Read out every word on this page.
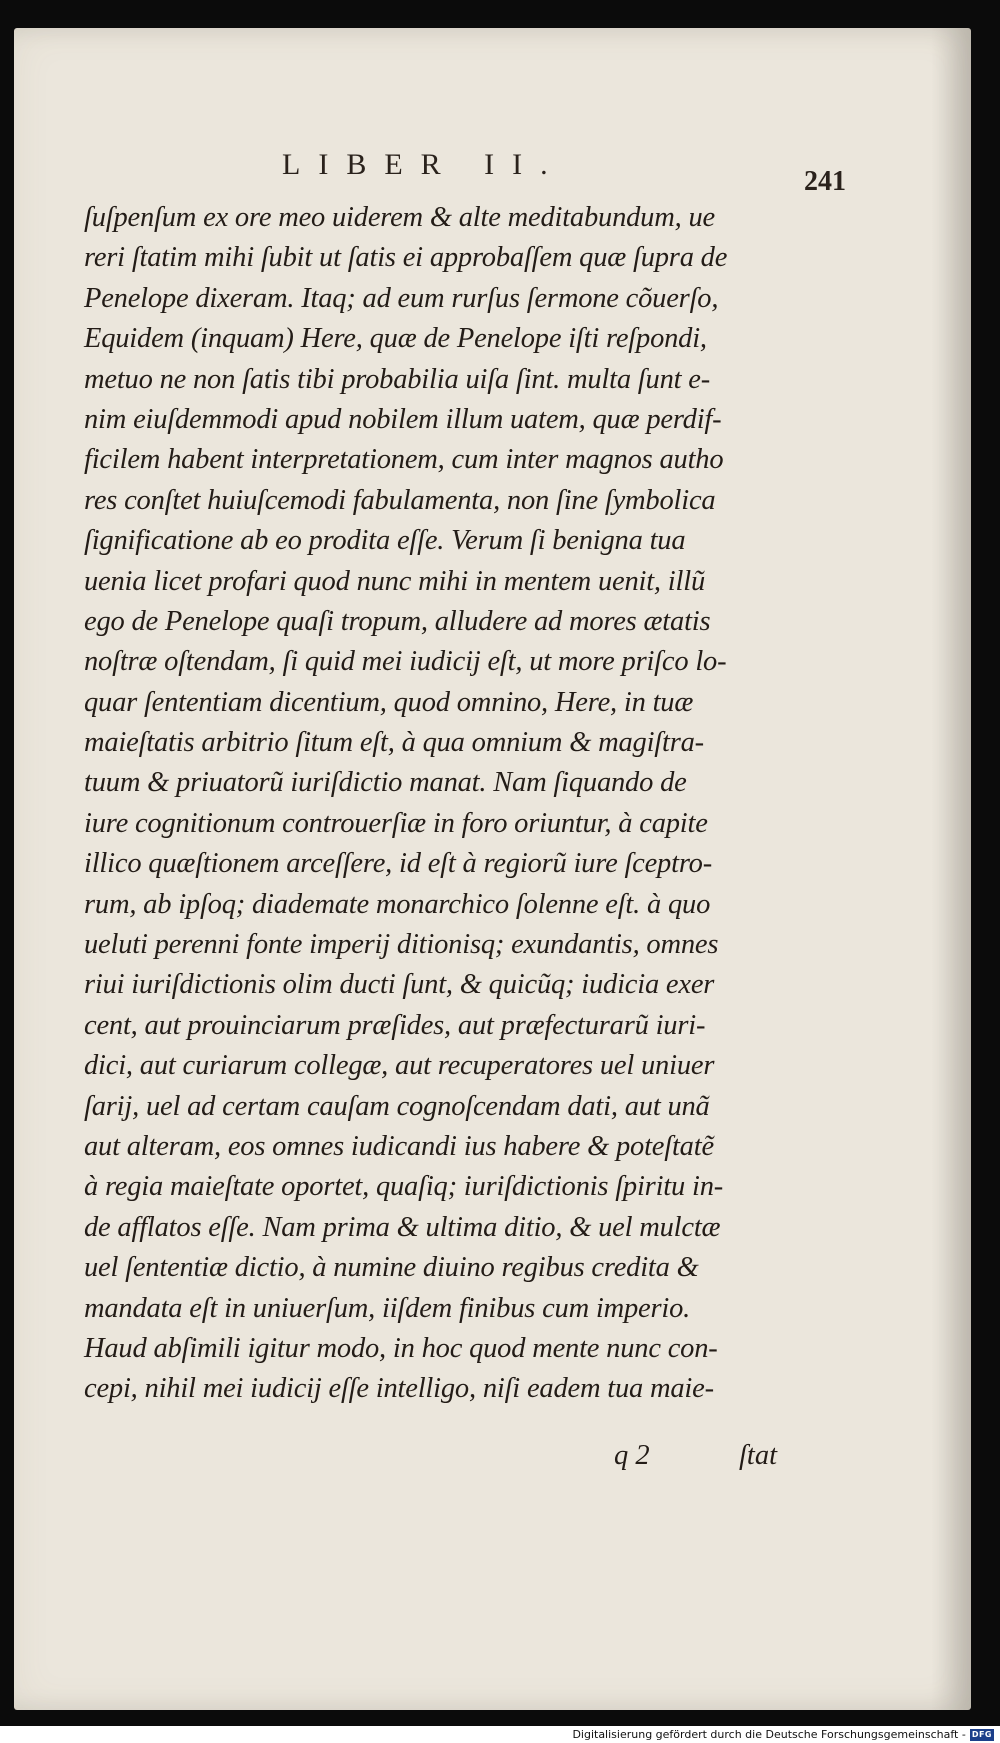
LIBER II.
241
ſuſpenſum ex ore meo uiderem & alte meditabundum, ue
reri ſtatim mihi ſubit ut ſatis ei approbaſſem quæ ſupra de
Penelope dixeram. Itaq; ad eum rurſus ſermone cõuerſo,
Equidem (inquam) Here, quæ de Penelope iſti reſpondi,
metuo ne non ſatis tibi probabilia uiſa ſint. multa ſunt e-
nim eiuſdemmodi apud nobilem illum uatem, quæ perdif-
ficilem habent interpretationem, cum inter magnos autho
res conſtet huiuſcemodi fabulamenta, non ſine ſymbolica
ſignificatione ab eo prodita eſſe. Verum ſi benigna tua
uenia licet profari quod nunc mihi in mentem uenit, illũ
ego de Penelope quaſi tropum, alludere ad mores ætatis
noſtræ oſtendam, ſi quid mei iudicij eſt, ut more priſco lo-
quar ſententiam dicentium, quod omnino, Here, in tuæ
maieſtatis arbitrio ſitum eſt, à qua omnium & magiſtra-
tuum & priuatorũ iuriſdictio manat. Nam ſiquando de
iure cognitionum controuerſiæ in foro oriuntur, à capite
illico quæſtionem arceſſere, id eſt à regiorũ iure ſceptro-
rum, ab ipſoq; diademate monarchico ſolenne eſt. à quo
ueluti perenni fonte imperij ditionisq; exundantis, omnes
riui iuriſdictionis olim ducti ſunt, & quicũq; iudicia exer
cent, aut prouinciarum præſides, aut præfecturarũ iuri-
dici, aut curiarum collegæ, aut recuperatores uel uniuer
ſarij, uel ad certam cauſam cognoſcendam dati, aut unã
aut alteram, eos omnes iudicandi ius habere & poteſtatẽ
à regia maieſtate oportet, quaſiq; iuriſdictionis ſpiritu in-
de afflatos eſſe. Nam prima & ultima ditio, & uel mulctæ
uel ſententiæ dictio, à numine diuino regibus credita &
mandata eſt in uniuerſum, iiſdem finibus cum imperio.
Haud abſimili igitur modo, in hoc quod mente nunc con-
cepi, nihil mei iudicij eſſe intelligo, niſi eadem tua maie-
q 2	ſtat
Digitalisierung gefördert durch die Deutsche Forschungsgemeinschaft - DFG
